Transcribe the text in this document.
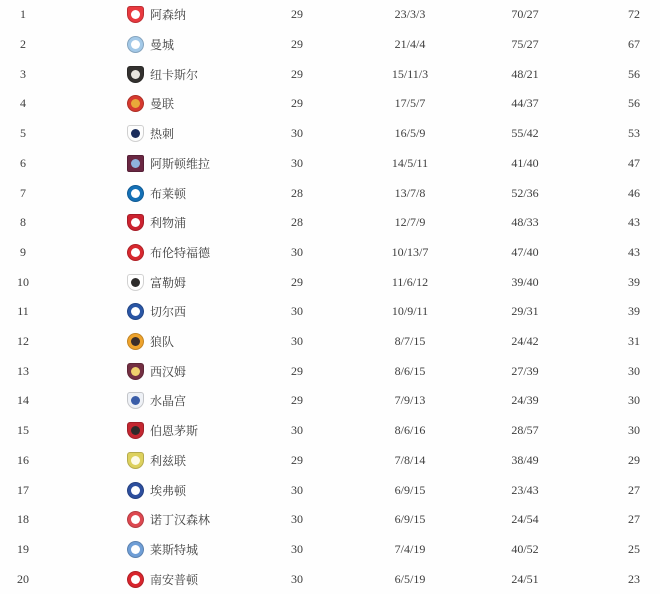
1	阿森纳	29	23/3/3	70/27	72
2	曼城	29	21/4/4	75/27	67
3	纽卡斯尔	29	15/11/3	48/21	56
4	曼联	29	17/5/7	44/37	56
5	热刺	30	16/5/9	55/42	53
6	阿斯顿维拉	30	14/5/11	41/40	47
7	布莱顿	28	13/7/8	52/36	46
8	利物浦	28	12/7/9	48/33	43
9	布伦特福德	30	10/13/7	47/40	43
10	富勒姆	29	11/6/12	39/40	39
11	切尔西	30	10/9/11	29/31	39
12	狼队	30	8/7/15	24/42	31
13	西汉姆	29	8/6/15	27/39	30
14	水晶宫	29	7/9/13	24/39	30
15	伯恩茅斯	30	8/6/16	28/57	30
16	利兹联	29	7/8/14	38/49	29
17	埃弗顿	30	6/9/15	23/43	27
18	诺丁汉森林	30	6/9/15	24/54	27
19	莱斯特城	30	7/4/19	40/52	25
20	南安普顿	30	6/5/19	24/51	23
